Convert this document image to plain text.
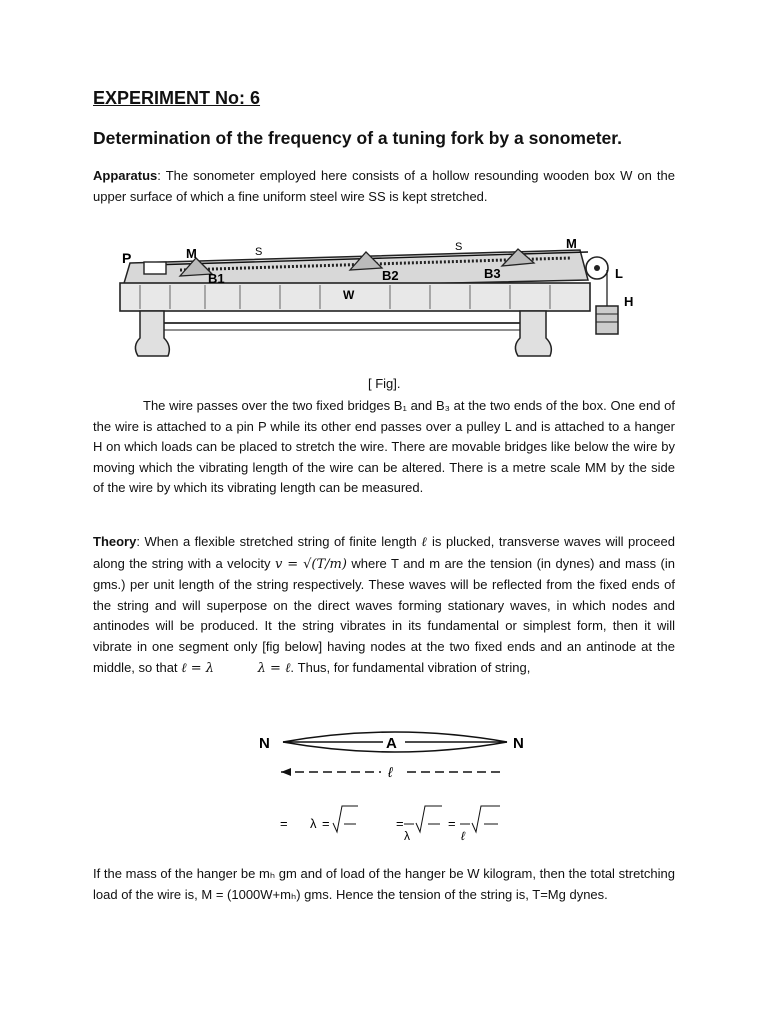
EXPERIMENT No: 6
Determination of the frequency of a tuning fork by a sonometer.
Apparatus: The sonometer employed here consists of a hollow resounding wooden box W on the upper surface of which a fine uniform steel wire SS is kept stretched.
P	M	S	S	M
B1	B2	B3
W
L
H
[ Fig].
The wire passes over the two fixed bridges B₁ and B₃ at the two ends of the box. One end of the wire is attached to a pin P while its other end passes over a pulley L and is attached to a hanger H on which loads can be placed to stretch the wire. There are movable bridges like below the wire by moving which the vibrating length of the wire can be altered. There is a metre scale MM by the side of the wire by which its vibrating length can be measured.
Theory: When a flexible stretched string of finite length ℓ is plucked, transverse waves will proceed along the string with a velocity v = √(T/m) where T and m are the tension (in dynes) and mass (in gms.) per unit length of the string respectively. These waves will be reflected from the fixed ends of the string and will superpose on the direct waves forming stationary waves, in which nodes and antinodes will be produced. It the string vibrates in its fundamental or simplest form, then it will vibrate in one segment only [fig below] having nodes at the two fixed ends and an antinode at the middle, so that ℓ = λ	λ = ℓ. Thus, for fundamental vibration of string,
N	A	N
ℓ
= λ =	=
λ
=
ℓ
If the mass of the hanger be mₕ gm and of load of the hanger be W kilogram, then the total stretching load of the wire is, M = (1000W+mₕ) gms. Hence the tension of the string is, T=Mg dynes.
